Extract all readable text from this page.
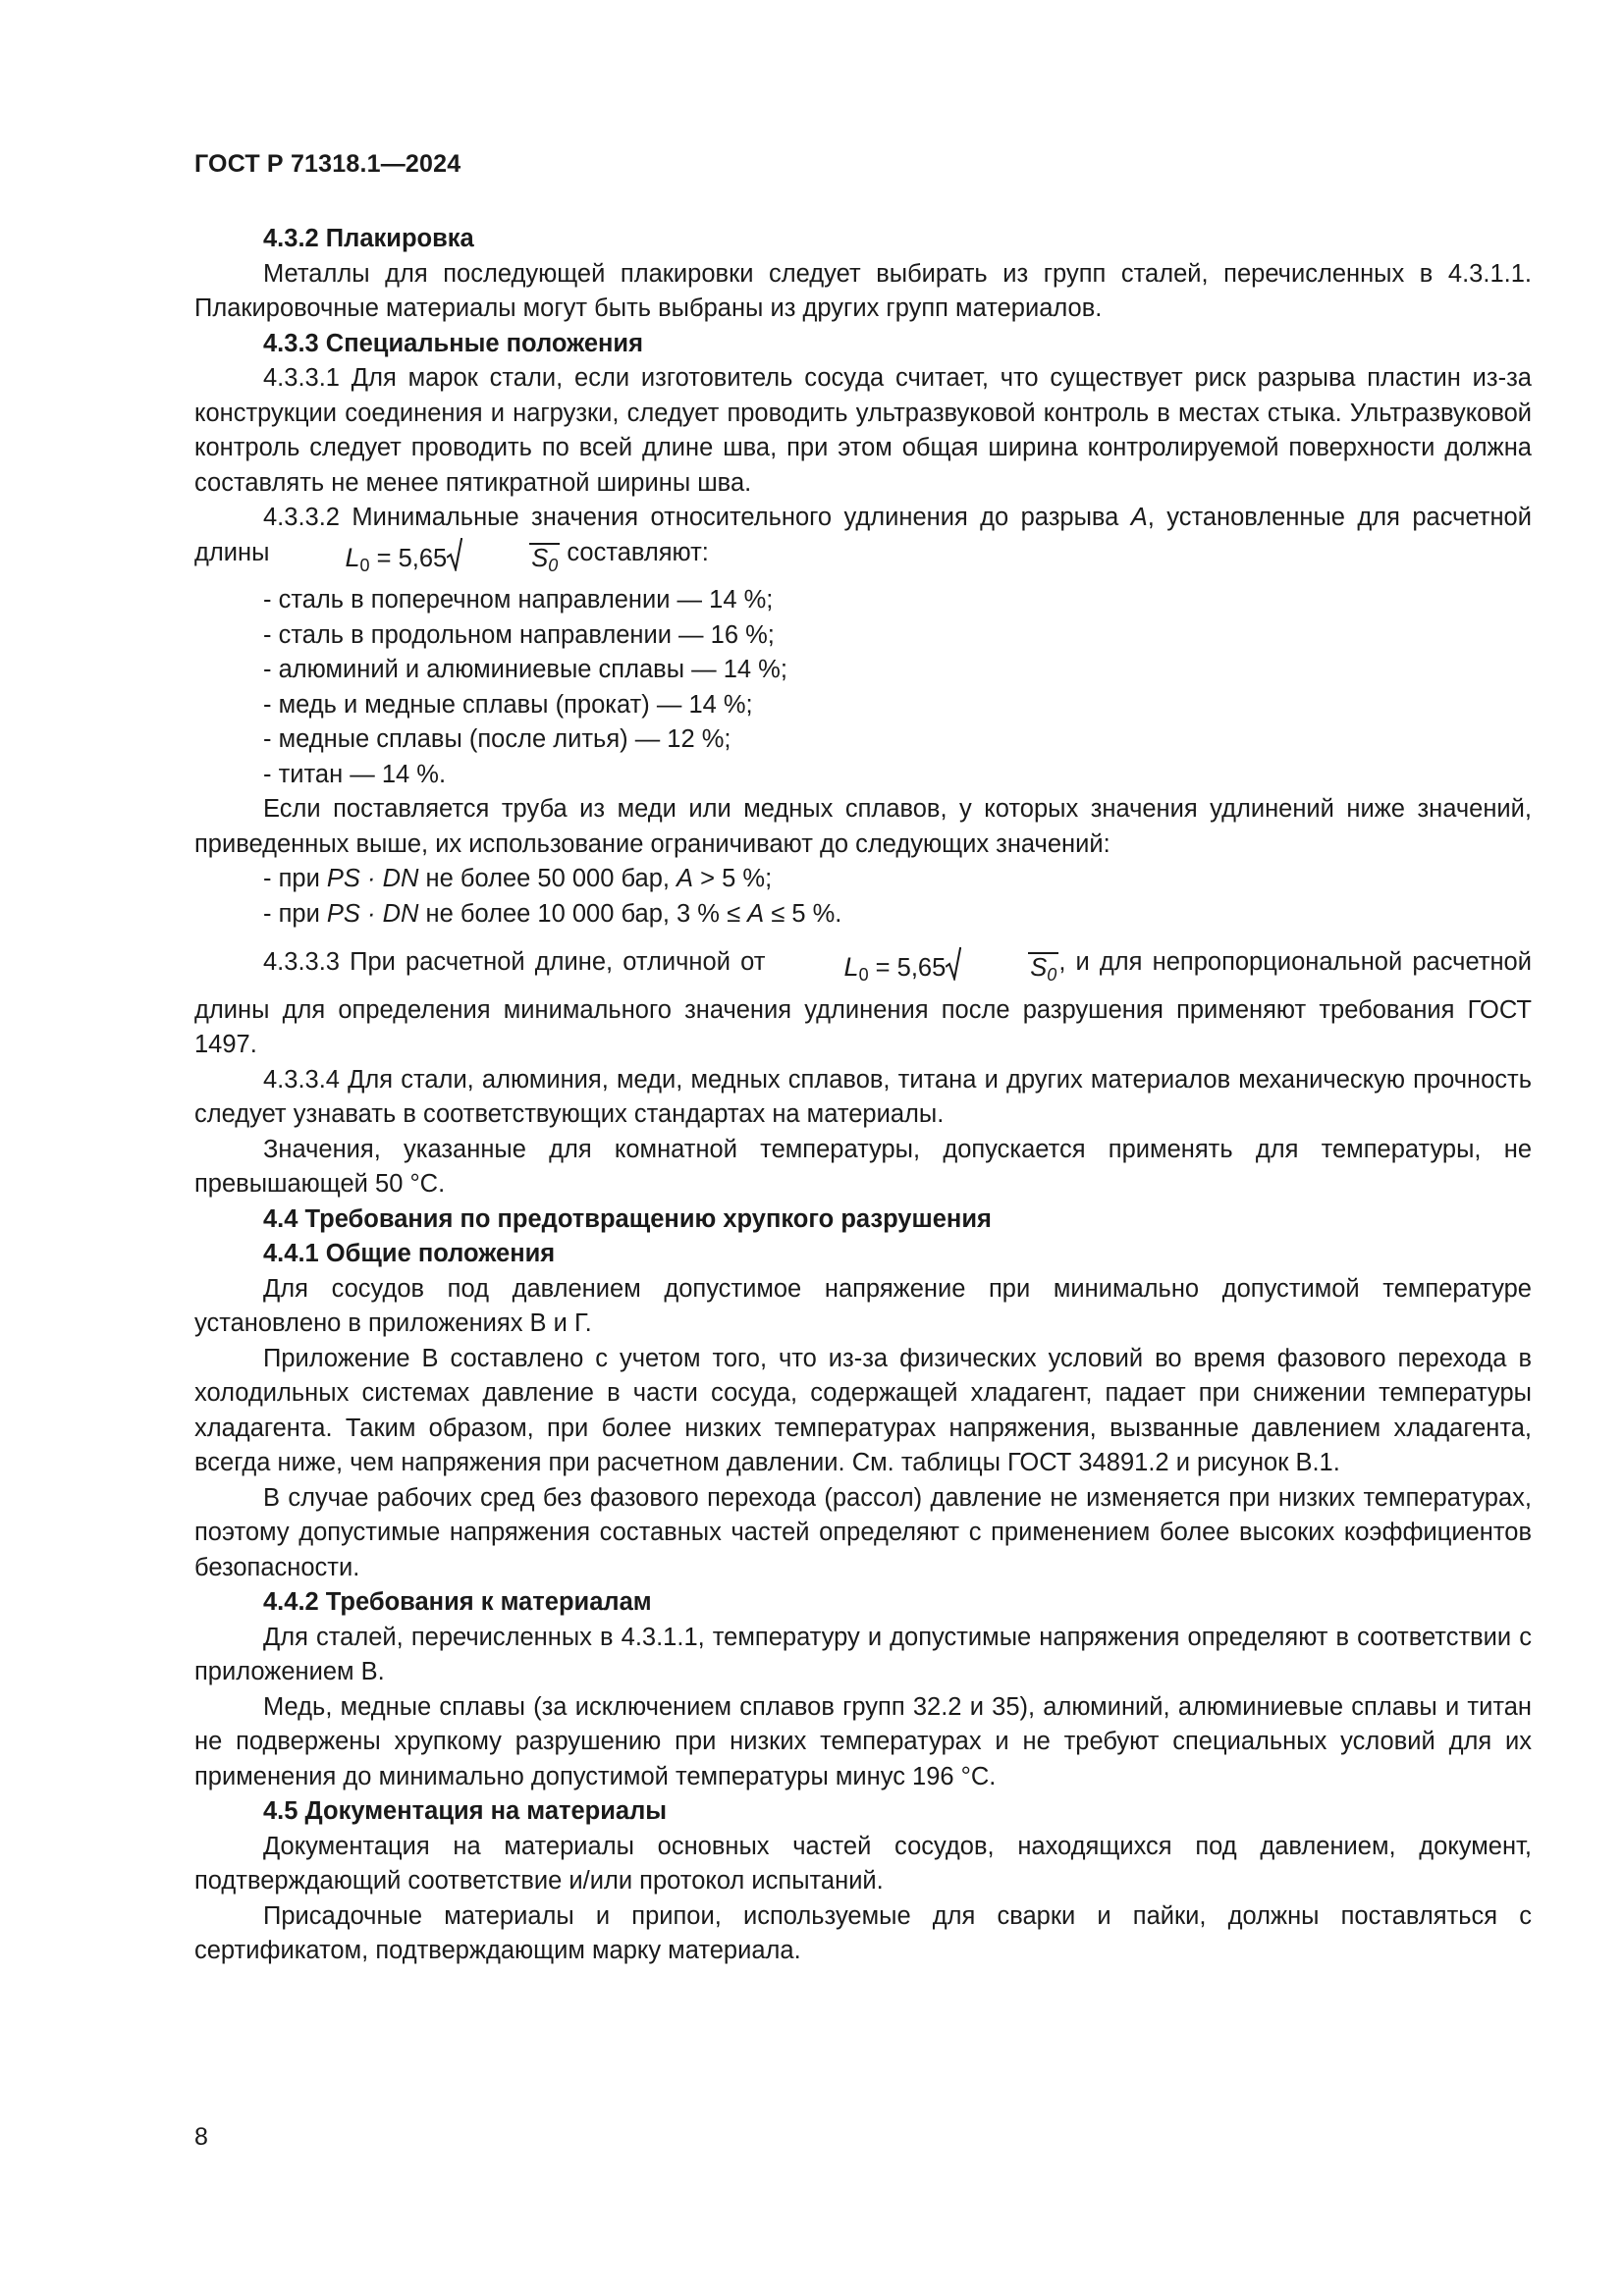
ГОСТ Р 71318.1—2024

4.3.2 Плакировка

Металлы для последующей плакировки следует выбирать из групп сталей, перечисленных в 4.3.1.1. Плакировочные материалы могут быть выбраны из других групп материалов.

4.3.3 Специальные положения

4.3.3.1 Для марок стали, если изготовитель сосуда считает, что существует риск разрыва пластин из-за конструкции соединения и нагрузки, следует проводить ультразвуковой контроль в местах стыка. Ультразвуковой контроль следует проводить по всей длине шва, при этом общая ширина контролируемой поверхности должна составлять не менее пятикратной ширины шва.

4.3.3.2 Минимальные значения относительного удлинения до разрыва A, установленные для расчетной длины	$L_0 = 5,65$	$S_0$ составляют:

- сталь в поперечном направлении — 14 %;

- сталь в продольном направлении — 16 %;

- алюминий и алюминиевые сплавы — 14 %;

- медь и медные сплавы (прокат) — 14 %;

- медные сплавы (после литья) — 12 %;

- титан — 14 %.

Если поставляется труба из меди или медных сплавов, у которых значения удлинений ниже значений, приведенных выше, их использование ограничивают до следующих значений:

- при PS · DN не более 50 000 бар, A > 5 %;

- при PS · DN не более 10 000 бар, 3 % ≤ A ≤ 5 %.

4.3.3.3 При расчетной длине, отличной от	$L_0 = 5,65$	$S_0$, и для непропорциональной расчетной длины для определения минимального значения удлинения после разрушения применяют требования ГОСТ 1497.

4.3.3.4 Для стали, алюминия, меди, медных сплавов, титана и других материалов механическую прочность следует узнавать в соответствующих стандартах на материалы.

Значения, указанные для комнатной температуры, допускается применять для температуры, не превышающей 50 °С.

4.4 Требования по предотвращению хрупкого разрушения

4.4.1 Общие положения

Для сосудов под давлением допустимое напряжение при минимально допустимой температуре установлено в приложениях В и Г.

Приложение В составлено с учетом того, что из-за физических условий во время фазового перехода в холодильных системах давление в части сосуда, содержащей хладагент, падает при снижении температуры хладагента. Таким образом, при более низких температурах напряжения, вызванные давлением хладагента, всегда ниже, чем напряжения при расчетном давлении. См. таблицы ГОСТ 34891.2 и рисунок В.1.

В случае рабочих сред без фазового перехода (рассол) давление не изменяется при низких температурах, поэтому допустимые напряжения составных частей определяют с применением более высоких коэффициентов безопасности.

4.4.2 Требования к материалам

Для сталей, перечисленных в 4.3.1.1, температуру и допустимые напряжения определяют в соответствии с приложением В.

Медь, медные сплавы (за исключением сплавов групп 32.2 и 35), алюминий, алюминиевые сплавы и титан не подвержены хрупкому разрушению при низких температурах и не требуют специальных условий для их применения до минимально допустимой температуры минус 196 °С.

4.5 Документация на материалы

Документация на материалы основных частей сосудов, находящихся под давлением, документ, подтверждающий соответствие и/или протокол испытаний.

Присадочные материалы и припои, используемые для сварки и пайки, должны поставляться с сертификатом, подтверждающим марку материала.

8
